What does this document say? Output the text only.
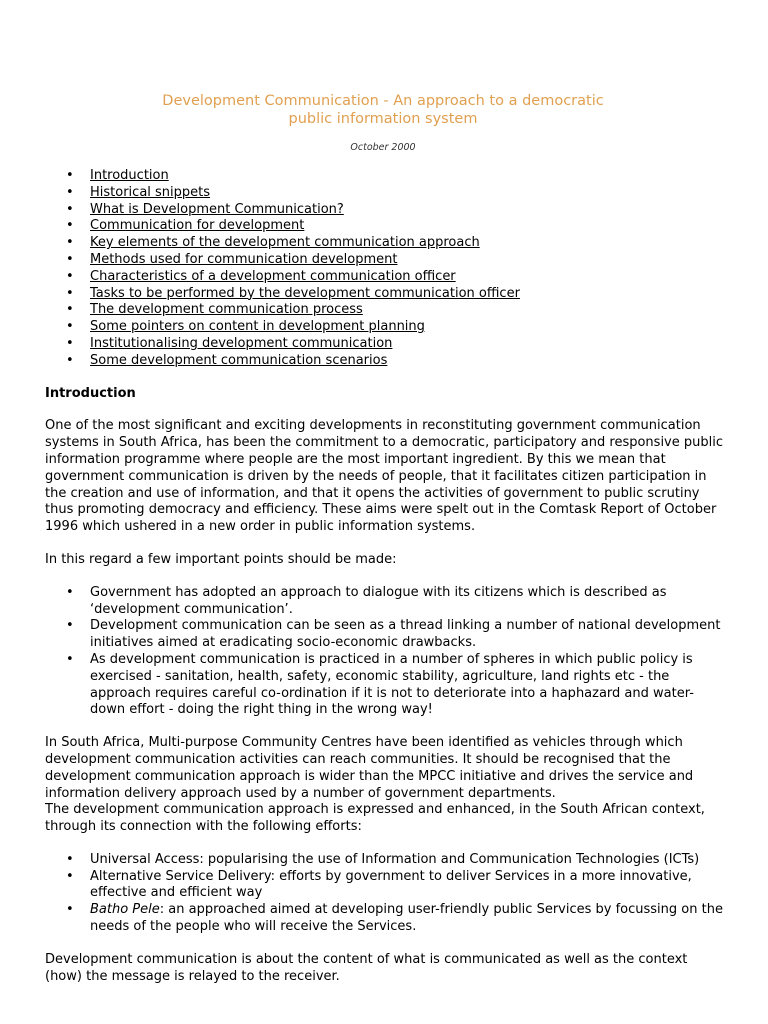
Development Communication - An approach to a democratic
public information system
October 2000
• Introduction
• Historical snippets
• What is Development Communication?
• Communication for development
• Key elements of the development communication approach
• Methods used for communication development
• Characteristics of a development communication officer
• Tasks to be performed by the development communication officer
• The development communication process
• Some pointers on content in development planning
• Institutionalising development communication
• Some development communication scenarios
Introduction

One of the most significant and exciting developments in reconstituting government communication systems in South Africa, has been the commitment to a democratic, participatory and responsive public information programme where people are the most important ingredient. By this we mean that government communication is driven by the needs of people, that it facilitates citizen participation in the creation and use of information, and that it opens the activities of government to public scrutiny thus promoting democracy and efficiency. These aims were spelt out in the Comtask Report of October 1996 which ushered in a new order in public information systems.

In this regard a few important points should be made:

• Government has adopted an approach to dialogue with its citizens which is described as ‘development communication’.
• Development communication can be seen as a thread linking a number of national development initiatives aimed at eradicating socio-economic drawbacks.
• As development communication is practiced in a number of spheres in which public policy is exercised - sanitation, health, safety, economic stability, agriculture, land rights etc - the approach requires careful co-ordination if it is not to deteriorate into a haphazard and water-down effort - doing the right thing in the wrong way!

In South Africa, Multi-purpose Community Centres have been identified as vehicles through which development communication activities can reach communities. It should be recognised that the development communication approach is wider than the MPCC initiative and drives the service and information delivery approach used by a number of government departments.

The development communication approach is expressed and enhanced, in the South African context, through its connection with the following efforts:

• Universal Access: popularising the use of Information and Communication Technologies (ICTs)
• Alternative Service Delivery: efforts by government to deliver Services in a more innovative, effective and efficient way
• Batho Pele: an approached aimed at developing user-friendly public Services by focussing on the needs of the people who will receive the Services.

Development communication is about the content of what is communicated as well as the context (how) the message is relayed to the receiver.
